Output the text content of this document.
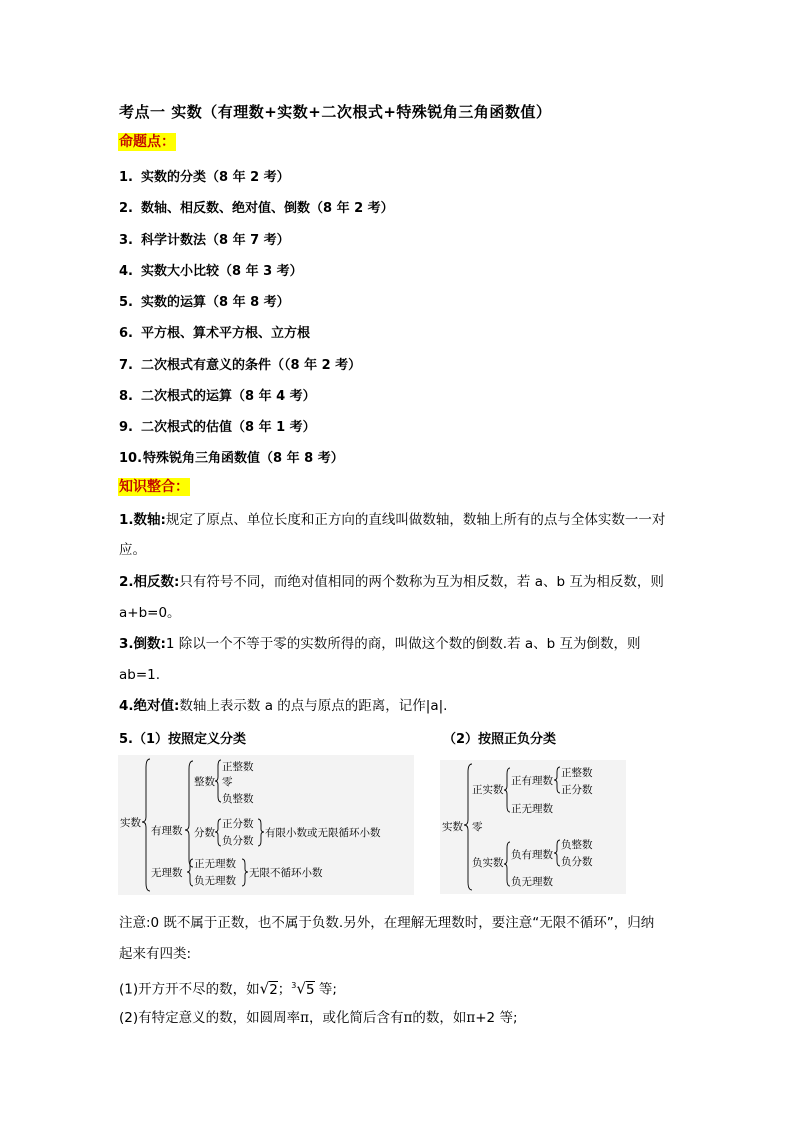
考点一 实数（有理数+实数+二次根式+特殊锐角三角函数值）
命题点：
1. 实数的分类（8 年 2 考）
2. 数轴、相反数、绝对值、倒数（8 年 2 考）
3. 科学计数法（8 年 7 考）
4. 实数大小比较（8 年 3 考）
5. 实数的运算（8 年 8 考）
6. 平方根、算术平方根、立方根
7. 二次根式有意义的条件（（8 年 2 考）
8. 二次根式的运算（8 年 4 考）
9. 二次根式的估值（8 年 1 考）
10.特殊锐角三角函数值（8 年 8 考）
知识整合：
1.数轴:规定了原点、单位长度和正方向的直线叫做数轴，数轴上所有的点与全体实数一一对
应。
2.相反数:只有符号不同，而绝对值相同的两个数称为互为相反数，若 a、b 互为相反数，则
a+b=0。
3.倒数:1 除以一个不等于零的实数所得的商，叫做这个数的倒数.若 a、b 互为倒数，则
ab=1.
4.绝对值:数轴上表示数 a 的点与原点的距离，记作|a|.
5.（1）按照定义分类	（2）按照正负分类
实数
有理数
整数
正整数
零
负整数
分数
正分数
负分数
有限小数或无限循环小数
无理数
正无理数
负无理数
无限不循环小数
实数
正实数
正有理数
正整数
正分数
正无理数
零
负实数
负有理数
负整数
负分数
负无理数
注意:0 既不属于正数，也不属于负数.另外，在理解无理数时，要注意“无限不循环”，归纳
起来有四类:
(1)开方开不尽的数，如√2；$^3$√5 等;
(2)有特定意义的数，如圆周率π，或化简后含有π的数，如π+2 等;
